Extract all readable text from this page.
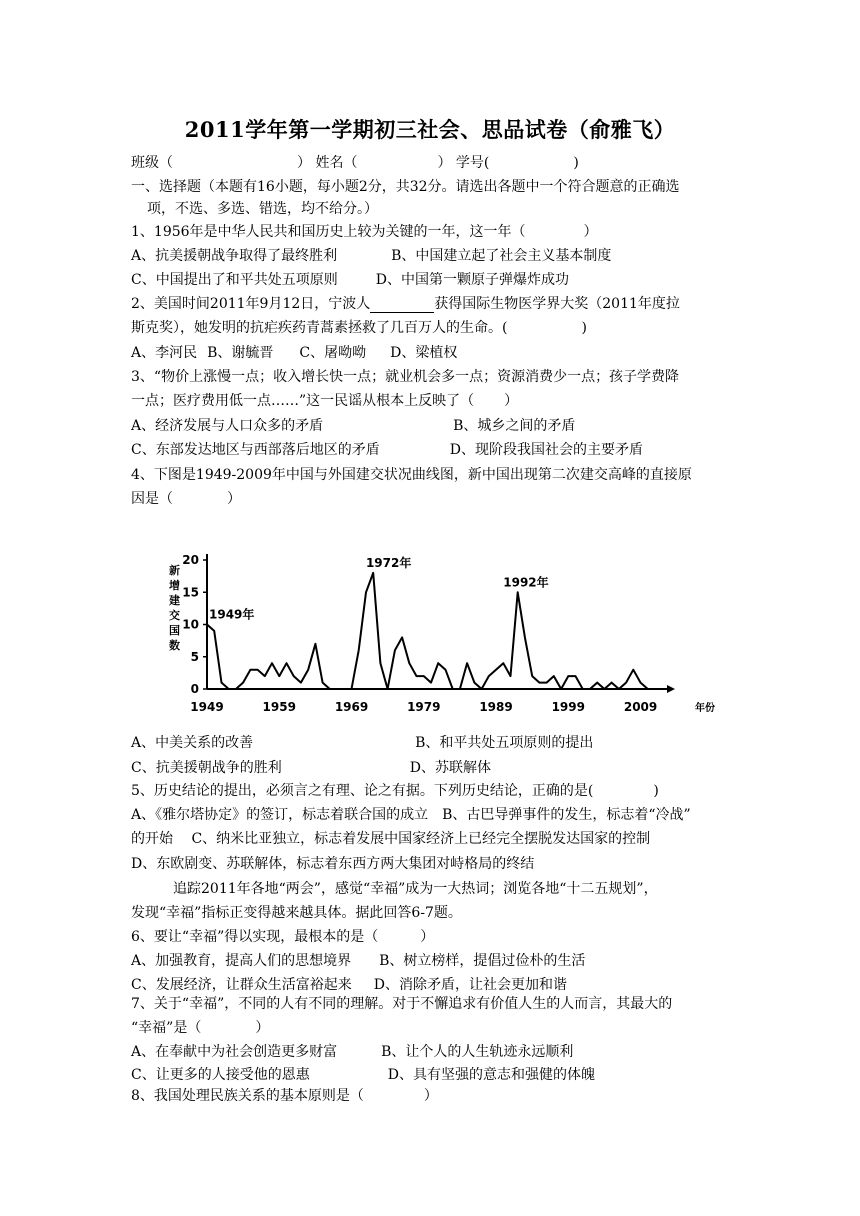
2011学年第一学期初三社会、思品试卷（俞雅飞）
班级（	） 姓名（	） 学号(	)
一、选择题（本题有16小题，每小题2分，共32分。请选出各题中一个符合题意的正确选
项，不选、多选、错选，均不给分。）
1、1956年是中华人民共和国历史上较为关键的一年，这一年（	）
A、抗美援朝战争取得了最终胜利	B、中国建立起了社会主义基本制度
C、中国提出了和平共处五项原则	D、中国第一颗原子弹爆炸成功
2、美国时间2011年9月12日，宁波人	获得国际生物医学界大奖（2011年度拉
斯克奖），她发明的抗疟疾药青蒿素拯救了几百万人的生命。(	)
A、李河民 B、谢毓晋 C、屠呦呦 D、梁植权
3、“物价上涨慢一点；收入增长快一点；就业机会多一点；资源消费少一点；孩子学费降
一点；医疗费用低一点……”这一民谣从根本上反映了（ ）
A、经济发展与人口众多的矛盾	B、城乡之间的矛盾
C、东部发达地区与西部落后地区的矛盾	D、现阶段我国社会的主要矛盾
4、下图是1949-2009年中国与外国建交状况曲线图，新中国出现第二次建交高峰的直接原
因是（	）
0
5
10
15
20
1949	1959	1969	1979	1989	1999	2009	年份
新增建交国数
1949年
1972年
1992年
A、中美关系的改善	B、和平共处五项原则的提出
C、抗美援朝战争的胜利	D、苏联解体
5、历史结论的提出，必须言之有理、论之有据。下列历史结论，正确的是(	)
A、《雅尔塔协定》的签订，标志着联合国的成立　B、古巴导弹事件的发生，标志着“冷战”
的开始　 C、纳米比亚独立，标志着发展中国家经济上已经完全摆脱发达国家的控制
D、东欧剧变、苏联解体，标志着东西方两大集团对峙格局的终结
追踪2011年各地“两会”，感觉“幸福”成为一大热词；浏览各地“十二五规划”，
发现“幸福”指标正变得越来越具体。据此回答6-7题。
6、要让“幸福”得以实现，最根本的是（	）
A、加强教育，提高人们的思想境界 B、树立榜样，提倡过俭朴的生活
C、发展经济，让群众生活富裕起来 D、消除矛盾，让社会更加和谐
7、关于“幸福”，不同的人有不同的理解。对于不懈追求有价值人生的人而言，其最大的
“幸福”是（	）
A、在奉献中为社会创造更多财富	B、让个人的人生轨迹永远顺利
C、让更多的人接受他的恩惠	D、具有坚强的意志和强健的体魄
8、我国处理民族关系的基本原则是（	）
